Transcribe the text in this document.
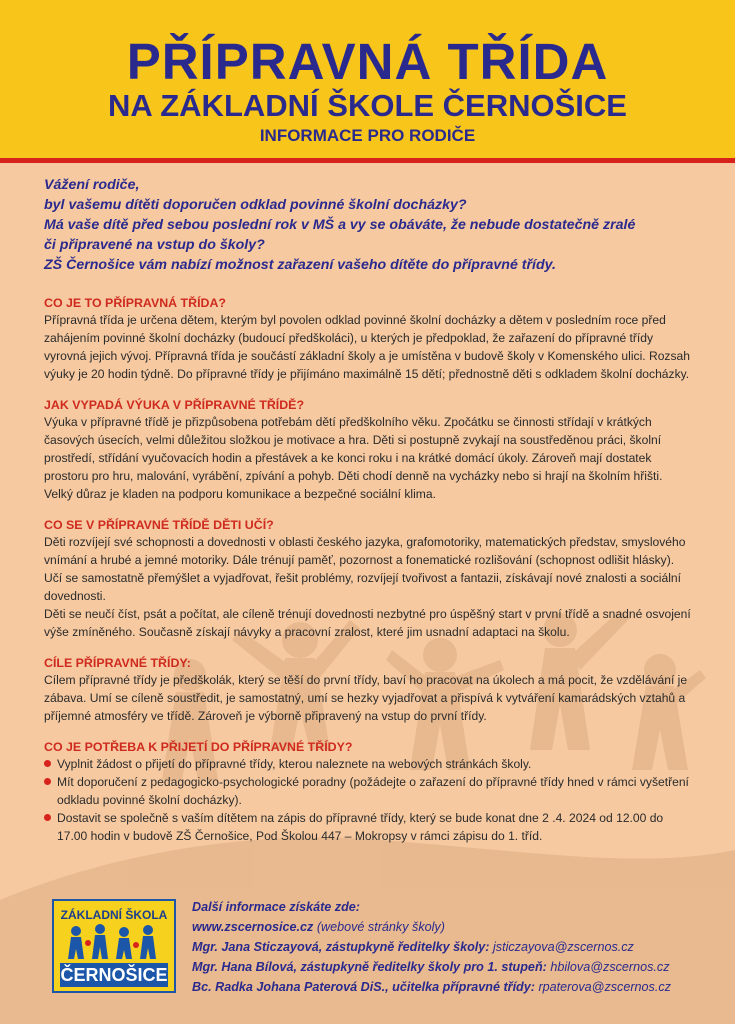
PŘÍPRAVNÁ TŘÍDA
NA ZÁKLADNÍ ŠKOLE ČERNOŠICE
INFORMACE PRO RODIČE
Vážení rodiče,
byl vašemu dítěti doporučen odklad povinné školní docházky?
Má vaše dítě před sebou poslední rok v MŠ a vy se obáváte, že nebude dostatečně zralé
či připravené na vstup do školy?
ZŠ Černošice vám nabízí možnost zařazení vašeho dítěte do přípravné třídy.

CO JE TO PŘÍPRAVNÁ TŘÍDA?

Přípravná třída je určena dětem, kterým byl povolen odklad povinné školní docházky a dětem v posledním roce před zahájením povinné školní docházky (budoucí předškoláci), u kterých je předpoklad, že zařazení do přípravné třídy vyrovná jejich vývoj. Přípravná třída je součástí základní školy a je umístěna v budově školy v Komenského ulici. Rozsah výuky je 20 hodin týdně. Do přípravné třídy je přijímáno maximálně 15 dětí; přednostně děti s odkladem školní docházky.

JAK VYPADÁ VÝUKA V PŘÍPRAVNÉ TŘÍDĚ?

Výuka v přípravné třídě je přizpůsobena potřebám dětí předškolního věku. Zpočátku se činnosti střídají v krátkých časových úsecích, velmi důležitou složkou je motivace a hra. Děti si postupně zvykají na soustředěnou práci, školní prostředí, střídání vyučovacích hodin a přestávek a ke konci roku i na krátké domácí úkoly. Zároveň mají dostatek prostoru pro hru, malování, vyrábění, zpívání a pohyb. Děti chodí denně na vycházky nebo si hrají na školním hřišti. Velký důraz je kladen na podporu komunikace a bezpečné sociální klima.

CO SE V PŘÍPRAVNÉ TŘÍDĚ DĚTI UČÍ?

Děti rozvíjejí své schopnosti a dovednosti v oblasti českého jazyka, grafomotoriky, matematických představ, smyslového vnímání a hrubé a jemné motoriky. Dále trénují paměť, pozornost a fonematické rozlišování (schopnost odlišit hlásky). Učí se samostatně přemýšlet a vyjadřovat, řešit problémy, rozvíjejí tvořivost a fantazii, získávají nové znalosti a sociální dovednosti.

Děti se neučí číst, psát a počítat, ale cíleně trénují dovednosti nezbytné pro úspěšný start v první třídě a snadné osvojení výše zmíněného. Současně získají návyky a pracovní zralost, které jim usnadní adaptaci na školu.

CÍLE PŘÍPRAVNÉ TŘÍDY:

Cílem přípravné třídy je předškolák, který se těší do první třídy, baví ho pracovat na úkolech a má pocit, že vzdělávání je zábava. Umí se cíleně soustředit, je samostatný, umí se hezky vyjadřovat a přispívá k vytváření kamarádských vztahů a příjemné atmosféry ve třídě. Zároveň je výborně připravený na vstup do první třídy.

CO JE POTŘEBA K PŘIJETÍ DO PŘÍPRAVNÉ TŘÍDY?

Vyplnit žádost o přijetí do přípravné třídy, kterou naleznete na webových stránkách školy.
Mít doporučení z pedagogicko-psychologické poradny (požádejte o zařazení do přípravné třídy hned v rámci vyšetření odkladu povinné školní docházky).
Dostavit se společně s vaším dítětem na zápis do přípravné třídy, který se bude konat dne 2 .4. 2024 od 12.00 do 17.00 hodin v budově ZŠ Černošice, Pod Školou 447 – Mokropsy v rámci zápisu do 1. tříd.
ZÁKLADNÍ ŠKOLA
ČERNOŠICE
Další informace získáte zde:
www.zscernosice.cz (webové stránky školy)
Mgr. Jana Sticzayová, zástupkyně ředitelky školy: jsticzayova@zscernos.cz
Mgr. Hana Bílová, zástupkyně ředitelky školy pro 1. stupeň: hbilova@zscernos.cz
Bc. Radka Johana Paterová DiS., učitelka přípravné třídy: rpaterova@zscernos.cz
